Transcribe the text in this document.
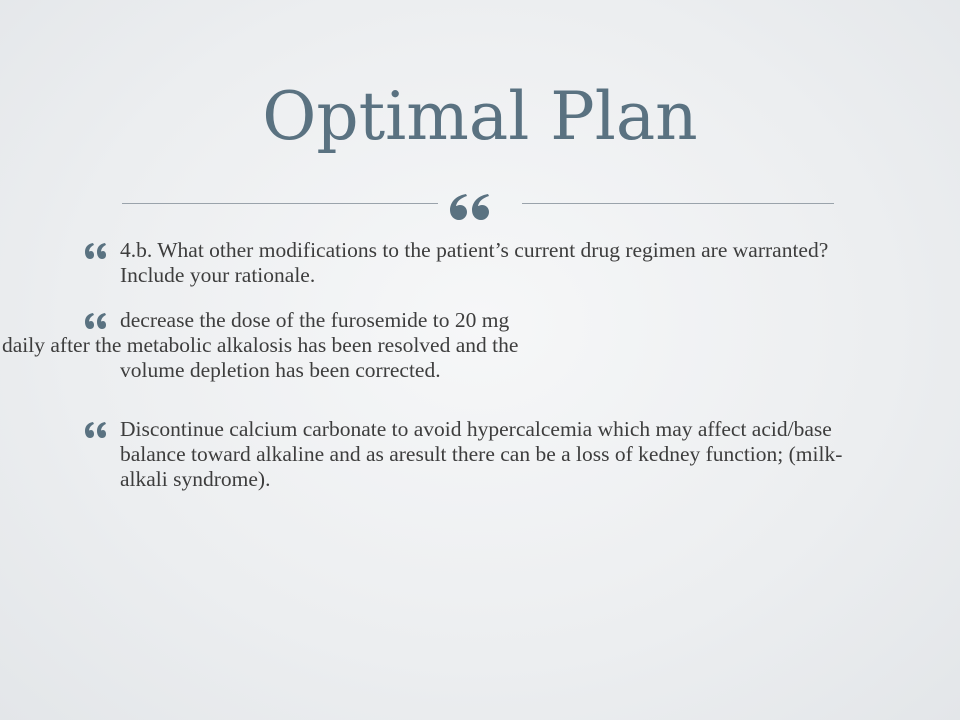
Optimal Plan
4.b. What other modifications to the patient’s current drug regimen are warranted? Include your rationale.
decrease the dose of the furosemide to 20 mg
daily after the metabolic alkalosis has been resolved and the
volume depletion has been corrected.
Discontinue calcium carbonate to avoid hypercalcemia which may affect acid/base balance toward alkaline and as aresult there can be a loss of kedney function; (milk-alkali syndrome).
